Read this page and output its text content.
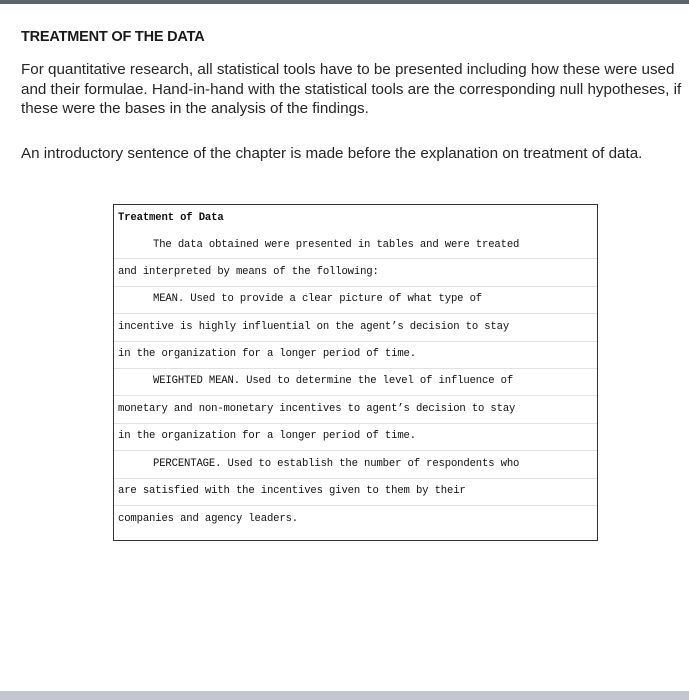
TREATMENT OF THE DATA

For quantitative research, all statistical tools have to be presented including how these were used and their formulae. Hand-in-hand with the statistical tools are the corresponding null hypotheses, if these were the bases in the analysis of the findings.

An introductory sentence of the chapter is made before the explanation on treatment of data.

Treatment of Data
The data obtained were presented in tables and were treated
and interpreted by means of the following:
MEAN. Used to provide a clear picture of what type of
incentive is highly influential on the agent’s decision to stay
in the organization for a longer period of time.
WEIGHTED MEAN. Used to determine the level of influence of
monetary and non-monetary incentives to agent’s decision to stay
in the organization for a longer period of time.
PERCENTAGE. Used to establish the number of respondents who
are satisfied with the incentives given to them by their
companies and agency leaders.
